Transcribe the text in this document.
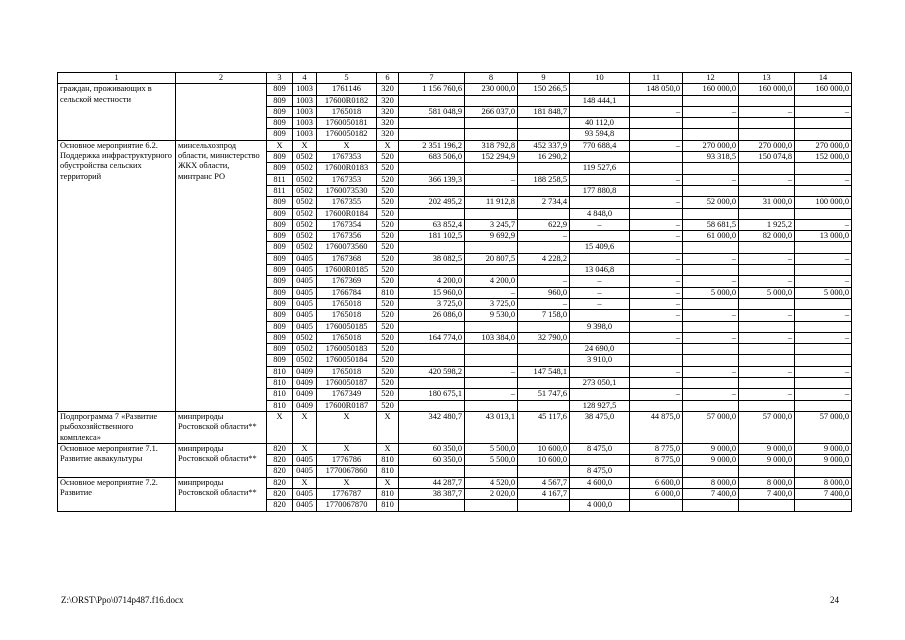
1	2	3	4	5	6	7	8	9	10	11	12	13	14
граждан, проживающих в сельской местности		809	1003	1761146	320	1 156 760,6	230 000,0	150 266,5		148 050,0	160 000,0	160 000,0	160 000,0
		809	1003	17600R0182	320				148 444,1				
		809	1003	1765018	320	581 048,9	266 037,0	181 848,7		–	–	–	–
		809	1003	1760050181	320				40 112,0				
		809	1003	1760050182	320				93 594,8				
Основное мероприятие 6.2. Поддержка инфраструктурного обустройства сельских территорий	минсельхозпрод области, министерство ЖКХ области, минтранс РО	X	X	X	X	2 351 196,2	318 792,8	452 337,9	770 688,4	–	270 000,0	270 000,0	270 000,0
		809	0502	1767353	520	683 506,0	152 294,9	16 290,2			93 318,5	150 074,8	152 000,0
		809	0502	17600R0183	520				119 527,6				
		811	0502	1767353	520	366 139,3	–	188 258,5		–	–	–	–
		811	0502	1760073530	520				177 880,8				
		809	0502	1767355	520	202 495,2	11 912,8	2 734,4		–	52 000,0	31 000,0	100 000,0
		809	0502	17600R0184	520				4 848,0				
		809	0502	1767354	520	63 852,4	3 245,7	622,9	–	–	58 681,5	1 925,2	–
		809	0502	1767356	520	181 102,5	9 692,9	–		–	61 000,0	82 000,0	13 000,0
		809	0502	1760073560	520				15 409,6				
		809	0405	1767368	520	38 082,5	20 807,5	4 228,2		–	–	–	–
		809	0405	17600R0185	520				13 046,8				
		809	0405	1767369	520	4 200,0	4 200,0	–	–	–	–	–	–
		809	0405	1766784	810	15 960,0	–	960,0	–	–	5 000,0	5 000,0	5 000,0
		809	0405	1765018	520	3 725,0	3 725,0	–	–	–			
		809	0405	1765018	520	26 086,0	9 530,0	7 158,0		–	–	–	–
		809	0405	1760050185	520				9 398,0				
		809	0502	1765018	520	164 774,0	103 384,0	32 790,0		–	–	–	–
		809	0502	1760050183	520				24 690,0				
		809	0502	1760050184	520				3 910,0				
		810	0409	1765018	520	420 598,2	–	147 548,1		–	–	–	–
		810	0409	1760050187	520				273 050,1				
		810	0409	1767349	520	180 675,1	–	51 747,6		–	–	–	–
		810	0409	17600R0187	520				128 927,5				
Подпрограмма 7 «Развитие рыбохозяйственного комплекса»	минприроды Ростовской области**	X	X	X	X	342 480,7	43 013,1	45 117,6	38 475,0	44 875,0	57 000,0	57 000,0	57 000,0
Основное мероприятие 7.1. Развитие аквакультуры	минприроды Ростовской области**	820	X	X	X	60 350,0	5 500,0	10 600,0	8 475,0	8 775,0	9 000,0	9 000,0	9 000,0
		820	0405	1776786	810	60 350,0	5 500,0	10 600,0		8 775,0	9 000,0	9 000,0	9 000,0
		820	0405	1770067860	810				8 475,0				
Основное мероприятие 7.2. Развитие	минприроды Ростовской области**	820	X	X	X	44 287,7	4 520,0	4 567,7	4 600,0	6 600,0	8 000,0	8 000,0	8 000,0
		820	0405	1776787	810	38 387,7	2 020,0	4 167,7		6 000,0	7 400,0	7 400,0	7 400,0
		820	0405	1770067870	810				4 000,0				
Z:\ORST\Ppo\0714p487.f16.docx	24
